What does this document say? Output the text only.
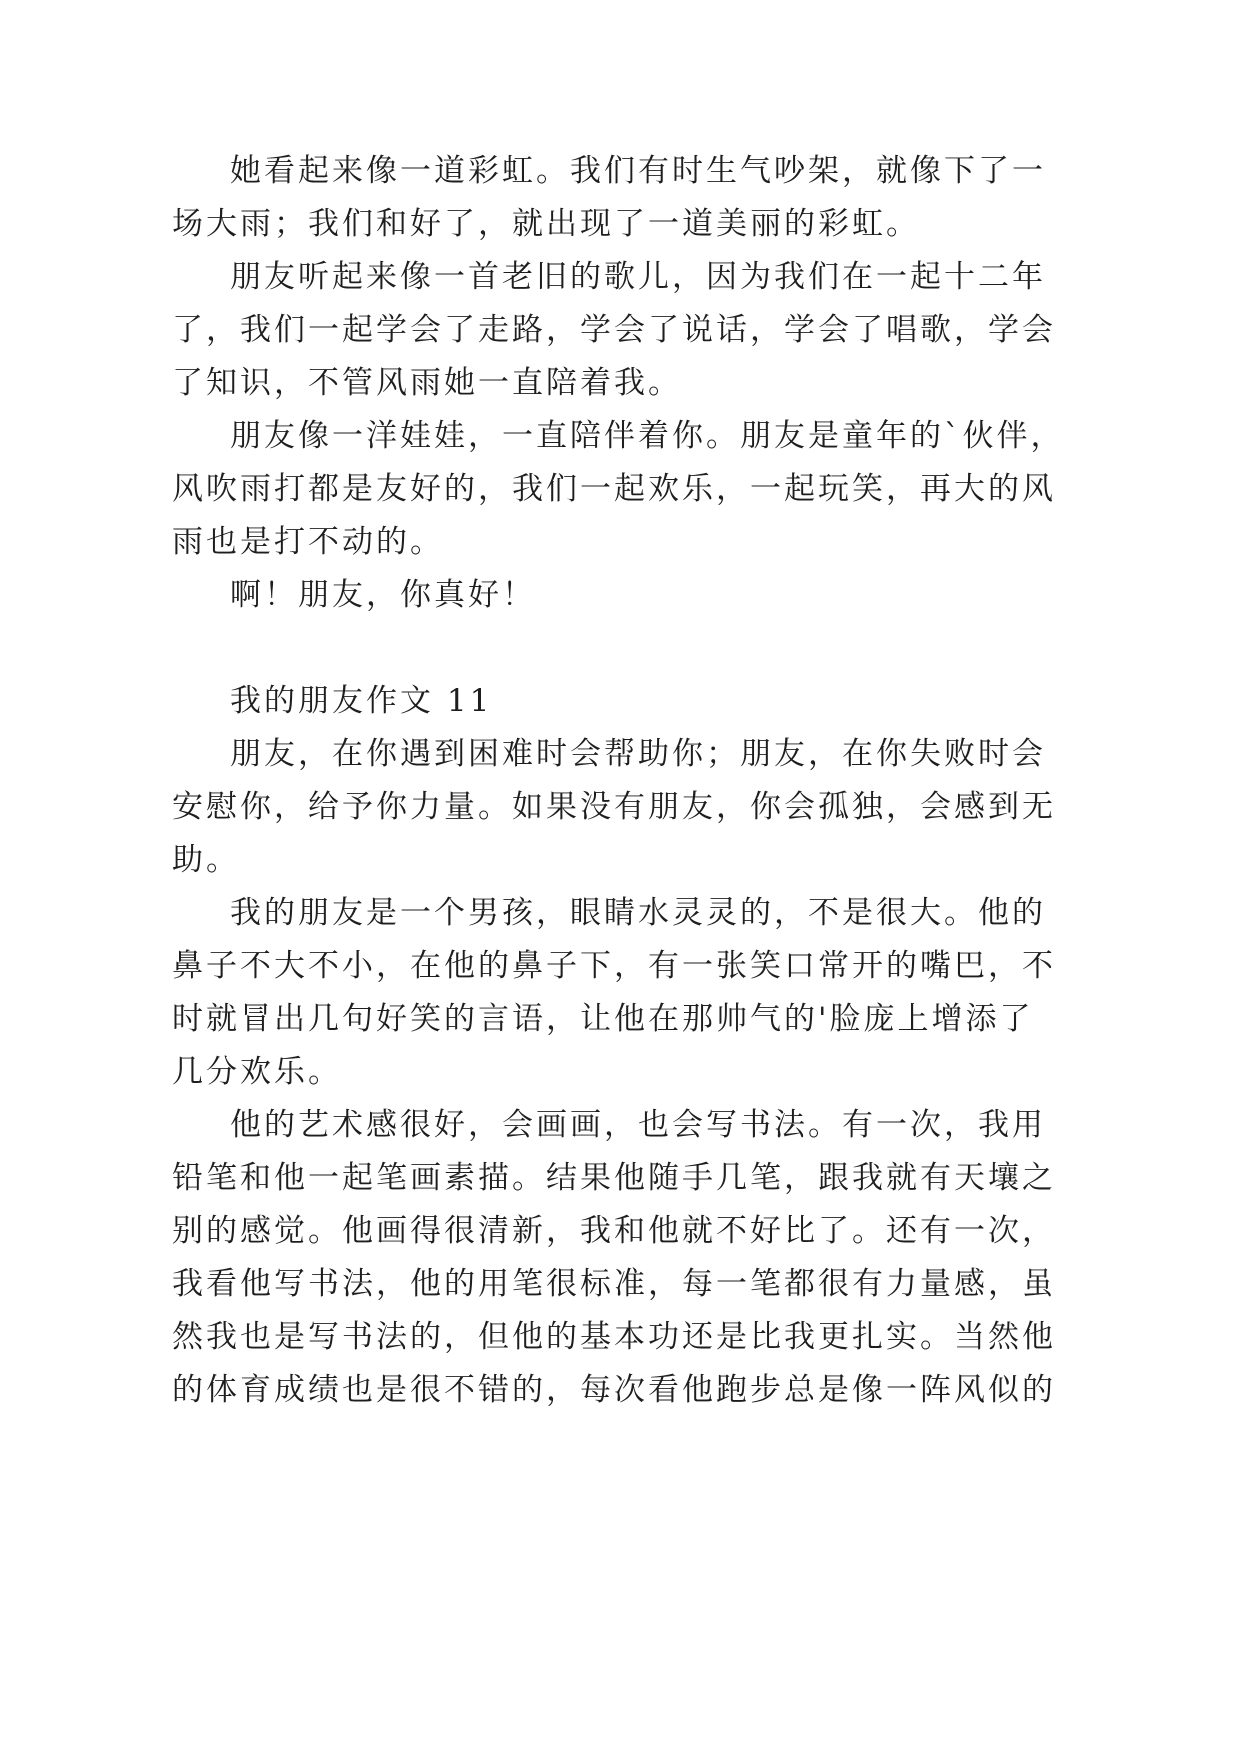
她看起来像一道彩虹。我们有时生气吵架，就像下了一
场大雨；我们和好了，就出现了一道美丽的彩虹。
朋友听起来像一首老旧的歌儿，因为我们在一起十二年
了，我们一起学会了走路，学会了说话，学会了唱歌，学会
了知识，不管风雨她一直陪着我。
朋友像一洋娃娃，一直陪伴着你。朋友是童年的`伙伴，
风吹雨打都是友好的，我们一起欢乐，一起玩笑，再大的风
雨也是打不动的。
啊！朋友，你真好！
我的朋友作文 11
朋友，在你遇到困难时会帮助你；朋友，在你失败时会
安慰你，给予你力量。如果没有朋友，你会孤独，会感到无
助。
我的朋友是一个男孩，眼睛水灵灵的，不是很大。他的
鼻子不大不小，在他的鼻子下，有一张笑口常开的嘴巴，不
时就冒出几句好笑的言语，让他在那帅气的'脸庞上增添了
几分欢乐。
他的艺术感很好，会画画，也会写书法。有一次，我用
铅笔和他一起笔画素描。结果他随手几笔，跟我就有天壤之
别的感觉。他画得很清新，我和他就不好比了。还有一次，
我看他写书法，他的用笔很标准，每一笔都很有力量感，虽
然我也是写书法的，但他的基本功还是比我更扎实。当然他
的体育成绩也是很不错的，每次看他跑步总是像一阵风似的
